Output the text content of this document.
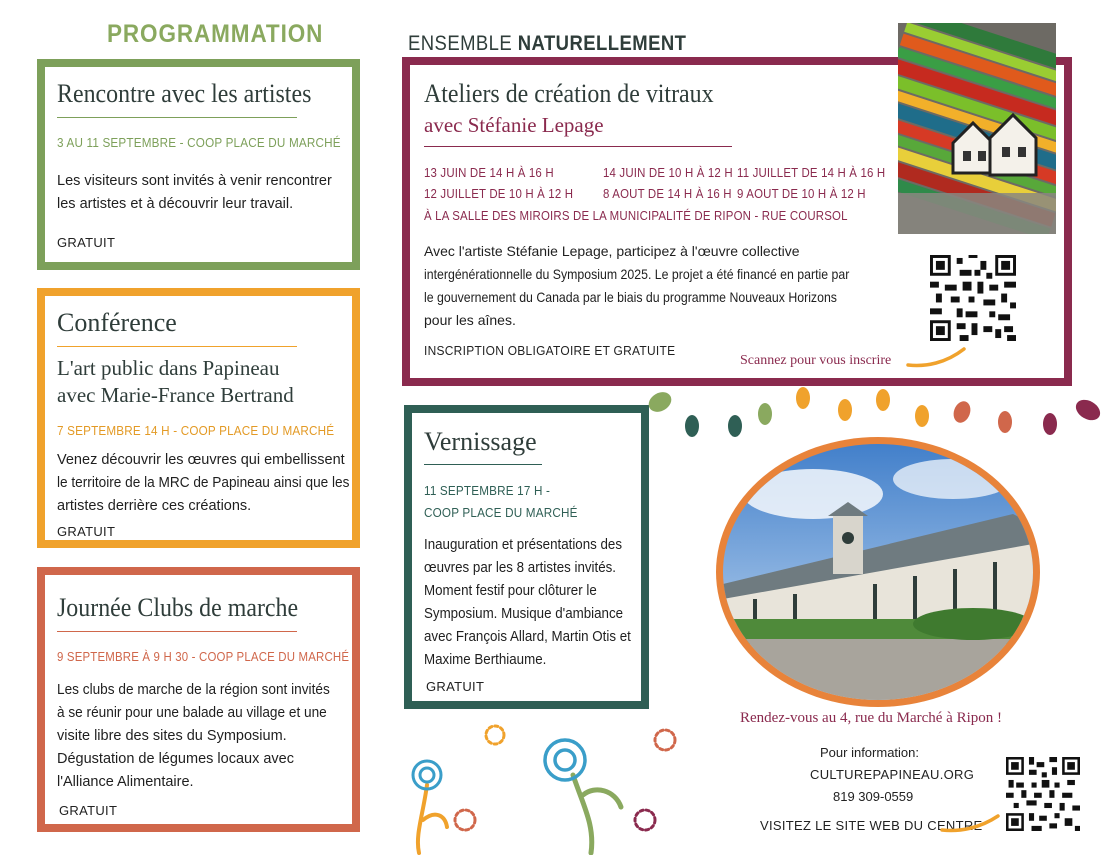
PROGRAMMATION	ENSEMBLE NATURELLEMENT
Rencontre avec les artistes
3 AU 11 SEPTEMBRE - COOP PLACE DU MARCHÉ
Les visiteurs sont invités à venir rencontrer
les artistes et à découvrir leur travail.
GRATUIT
Conférence
L'art public dans Papineau
avec Marie-France Bertrand
7 SEPTEMBRE 14 H - COOP PLACE DU MARCHÉ
Venez découvrir les œuvres qui embellissent
le territoire de la MRC de Papineau ainsi que les
artistes derrière ces créations.
GRATUIT
Journée Clubs de marche
9 SEPTEMBRE À 9 H 30 - COOP PLACE DU MARCHÉ
Les clubs de marche de la région sont invités
à se réunir pour une balade au village et une
visite libre des sites du Symposium.
Dégustation de légumes locaux avec
l'Alliance Alimentaire.
GRATUIT
Ateliers de création de vitraux
avec Stéfanie Lepage
13 JUIN DE 14 H À 16 H	14 JUIN DE 10 H À 12 H 11 JUILLET DE 14 H À 16 H
12 JUILLET DE 10 H À 12 H 8 AOUT DE 14 H À 16 H 9 AOUT DE 10 H À 12 H
À LA SALLE DES MIROIRS DE LA MUNICIPALITÉ DE RIPON - RUE COURSOL
Avec l'artiste Stéfanie Lepage, participez à l'œuvre collective
intergénérationnelle du Symposium 2025. Le projet a été financé en partie par
le gouvernement du Canada par le biais du programme Nouveaux Horizons
pour les aînes.
INSCRIPTION OBLIGATOIRE ET GRATUITE
Scannez pour vous inscrire
Vernissage
11 SEPTEMBRE 17 H -
COOP PLACE DU MARCHÉ
Inauguration et présentations des
œuvres par les 8 artistes invités.
Moment festif pour clôturer le
Symposium. Musique d'ambiance
avec François Allard, Martin Otis et
Maxime Berthiaume.
GRATUIT
Rendez-vous au 4, rue du Marché à Ripon !
Pour information:
CULTUREPAPINEAU.ORG
819 309-0559
VISITEZ LE SITE WEB DU CENTRE
